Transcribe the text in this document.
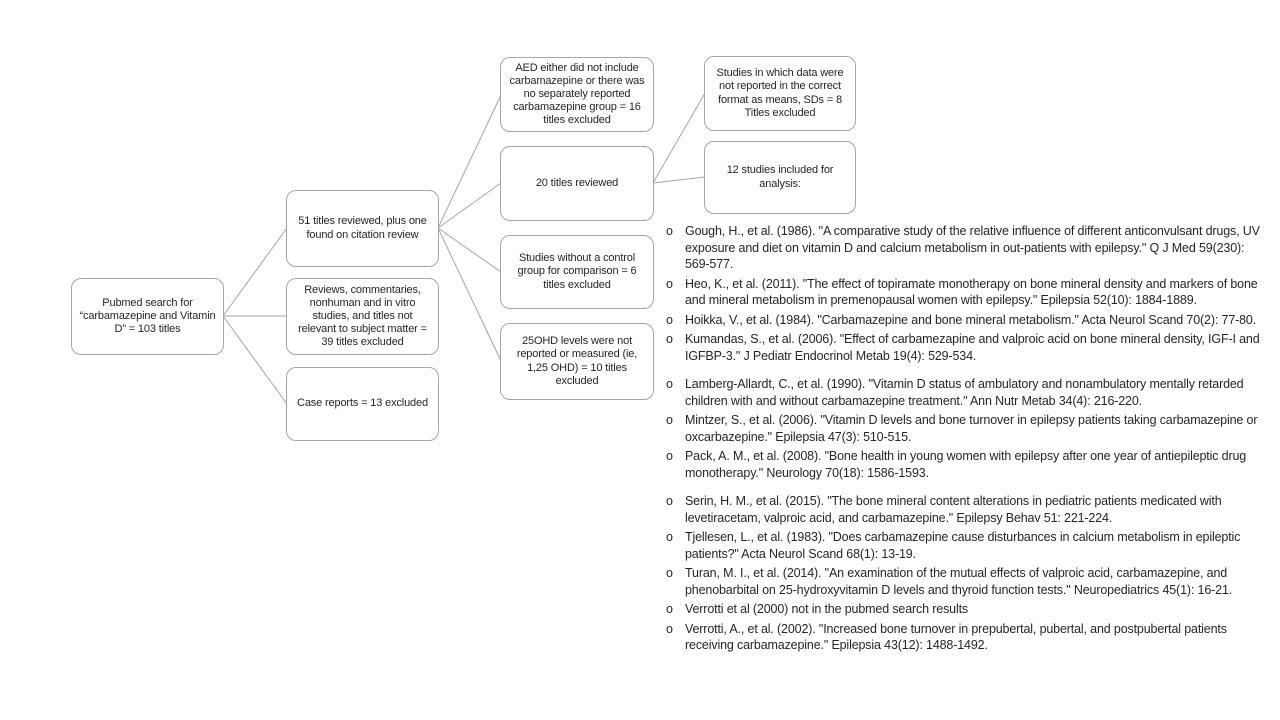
Pubmed search for “carbamazepine and Vitamin D” = 103 titles
51 titles reviewed, plus one found on citation review
Reviews, commentaries, nonhuman and in vitro studies, and titles not relevant to subject matter = 39 titles excluded
Case reports = 13 excluded
AED either did not include carbamazepine or there was no separately reported carbamazepine group = 16 titles excluded
20 titles reviewed
Studies without a control group for comparison = 6 titles excluded
25OHD levels were not reported or measured (ie, 1,25 OHD) = 10 titles excluded
Studies in which data were not reported in the correct format as means, SDs = 8 Titles excluded
12 studies included for analysis:
o Gough, H., et al. (1986). "A comparative study of the relative influence of different anticonvulsant drugs, UV exposure and diet on vitamin D and calcium metabolism in out-patients with epilepsy." Q J Med 59(230): 569-577.
o Heo, K., et al. (2011). "The effect of topiramate monotherapy on bone mineral density and markers of bone and mineral metabolism in premenopausal women with epilepsy." Epilepsia 52(10): 1884-1889.
o Hoikka, V., et al. (1984). "Carbamazepine and bone mineral metabolism." Acta Neurol Scand 70(2): 77-80.
o Kumandas, S., et al. (2006). "Effect of carbamezapine and valproic acid on bone mineral density, IGF-I and IGFBP-3." J Pediatr Endocrinol Metab 19(4): 529-534.
o Lamberg-Allardt, C., et al. (1990). "Vitamin D status of ambulatory and nonambulatory mentally retarded children with and without carbamazepine treatment." Ann Nutr Metab 34(4): 216-220.
o Mintzer, S., et al. (2006). "Vitamin D levels and bone turnover in epilepsy patients taking carbamazepine or oxcarbazepine." Epilepsia 47(3): 510-515.
o Pack, A. M., et al. (2008). "Bone health in young women with epilepsy after one year of antiepileptic drug monotherapy." Neurology 70(18): 1586-1593.
o Serin, H. M., et al. (2015). "The bone mineral content alterations in pediatric patients medicated with levetiracetam, valproic acid, and carbamazepine." Epilepsy Behav 51: 221-224.
o Tjellesen, L., et al. (1983). "Does carbamazepine cause disturbances in calcium metabolism in epileptic patients?" Acta Neurol Scand 68(1): 13-19.
o Turan, M. I., et al. (2014). "An examination of the mutual effects of valproic acid, carbamazepine, and phenobarbital on 25-hydroxyvitamin D levels and thyroid function tests." Neuropediatrics 45(1): 16-21.
o Verrotti et al (2000) not in the pubmed search results
o Verrotti, A., et al. (2002). "Increased bone turnover in prepubertal, pubertal, and postpubertal patients receiving carbamazepine." Epilepsia 43(12): 1488-1492.
